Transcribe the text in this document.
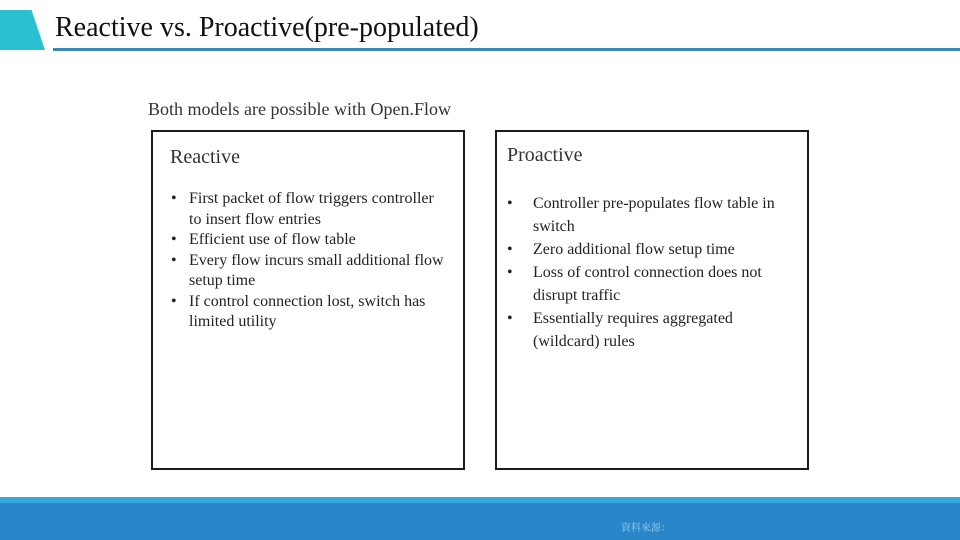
Reactive vs. Proactive(pre-populated)
Both models are possible with Open.Flow
Reactive
• First packet of flow triggers controller to insert flow entries
• Efficient use of flow table
• Every flow incurs small additional flow setup time
• If control connection lost, switch has limited utility
Proactive
• Controller pre-populates flow table in switch
• Zero additional flow setup time
• Loss of control connection does not disrupt traffic
• Essentially requires aggregated (wildcard) rules
資料來源：
